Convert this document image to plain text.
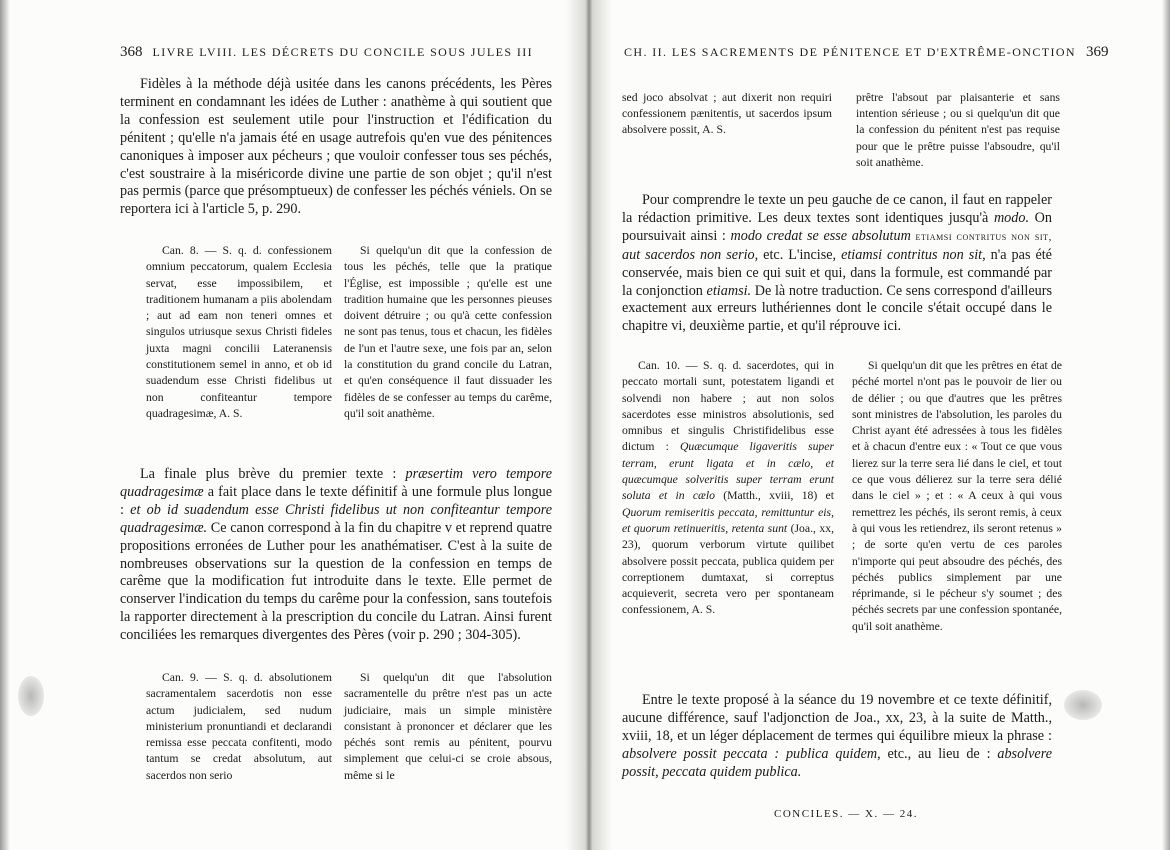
368 LIVRE LVIII. LES DÉCRETS DU CONCILE SOUS JULES III

Fidèles à la méthode déjà usitée dans les canons précédents, les Pères terminent en condamnant les idées de Luther : anathème à qui soutient que la confession est seulement utile pour l'instruction et l'édification du pénitent ; qu'elle n'a jamais été en usage autrefois qu'en vue des pénitences canoniques à imposer aux pécheurs ; que vouloir confesser tous ses péchés, c'est soustraire à la miséricorde divine une partie de son objet ; qu'il n'est pas permis (parce que présomptueux) de confesser les péchés véniels. On se reportera ici à l'article 5, p. 290.

Can. 8. — S. q. d. confessionem omnium peccatorum, qualem Ecclesia servat, esse impossibilem, et traditionem humanam a piis abolendam ; aut ad eam non teneri omnes et singulos utriusque sexus Christi fideles juxta magni concilii Lateranensis constitutionem semel in anno, et ob id suadendum esse Christi fidelibus ut non confiteantur tempore quadragesimæ, A. S.

Si quelqu'un dit que la confession de tous les péchés, telle que la pratique l'Église, est impossible ; qu'elle est une tradition humaine que les personnes pieuses doivent détruire ; ou qu'à cette confession ne sont pas tenus, tous et chacun, les fidèles de l'un et l'autre sexe, une fois par an, selon la constitution du grand concile du Latran, et qu'en conséquence il faut dissuader les fidèles de se confesser au temps du carême, qu'il soit anathème.

La finale plus brève du premier texte : præsertim vero tempore quadragesimæ a fait place dans le texte définitif à une formule plus longue : et ob id suadendum esse Christi fidelibus ut non confiteantur tempore quadragesimæ. Ce canon correspond à la fin du chapitre v et reprend quatre propositions erronées de Luther pour les anathématiser. C'est à la suite de nombreuses observations sur la question de la confession en temps de carême que la modification fut introduite dans le texte. Elle permet de conserver l'indication du temps du carême pour la confession, sans toutefois la rapporter directement à la prescription du concile du Latran. Ainsi furent conciliées les remarques divergentes des Pères (voir p. 290 ; 304-305).

Can. 9. — S. q. d. absolutionem sacramentalem sacerdotis non esse actum judicialem, sed nudum ministerium pronuntiandi et declarandi remissa esse peccata confitenti, modo tantum se credat absolutum, aut sacerdos non serio

Si quelqu'un dit que l'absolution sacramentelle du prêtre n'est pas un acte judiciaire, mais un simple ministère consistant à prononcer et déclarer que les péchés sont remis au pénitent, pourvu simplement que celui-ci se croie absous, même si le

CH. II. LES SACREMENTS DE PÉNITENCE ET D'EXTRÊME-ONCTION 369

sed joco absolvat ; aut dixerit non requiri confessionem pænitentis, ut sacerdos ipsum absolvere possit, A. S.

prêtre l'absout par plaisanterie et sans intention sérieuse ; ou si quelqu'un dit que la confession du pénitent n'est pas requise pour que le prêtre puisse l'absoudre, qu'il soit anathème.

Pour comprendre le texte un peu gauche de ce canon, il faut en rappeler la rédaction primitive. Les deux textes sont identiques jusqu'à modo. On poursuivait ainsi : modo credat se esse absolutum etiamsi contritus non sit, aut sacerdos non serio, etc. L'incise, etiamsi contritus non sit, n'a pas été conservée, mais bien ce qui suit et qui, dans la formule, est commandé par la conjonction etiamsi. De là notre traduction. Ce sens correspond d'ailleurs exactement aux erreurs luthériennes dont le concile s'était occupé dans le chapitre vi, deuxième partie, et qu'il réprouve ici.

Can. 10. — S. q. d. sacerdotes, qui in peccato mortali sunt, potestatem ligandi et solvendi non habere ; aut non solos sacerdotes esse ministros absolutionis, sed omnibus et singulis Christifidelibus esse dictum : Quæcumque ligaveritis super terram, erunt ligata et in cælo, et quæcumque solveritis super terram erunt soluta et in cælo (Matth., xviii, 18) et Quorum remiseritis peccata, remittuntur eis, et quorum retinueritis, retenta sunt (Joa., xx, 23), quorum verborum virtute quilibet absolvere possit peccata, publica quidem per correptionem dumtaxat, si correptus acquieverit, secreta vero per spontaneam confessionem, A. S.

Si quelqu'un dit que les prêtres en état de péché mortel n'ont pas le pouvoir de lier ou de délier ; ou que d'autres que les prêtres sont ministres de l'absolution, les paroles du Christ ayant été adressées à tous les fidèles et à chacun d'entre eux : « Tout ce que vous lierez sur la terre sera lié dans le ciel, et tout ce que vous délierez sur la terre sera délié dans le ciel » ; et : « A ceux à qui vous remettrez les péchés, ils seront remis, à ceux à qui vous les retiendrez, ils seront retenus » ; de sorte qu'en vertu de ces paroles n'importe qui peut absoudre des péchés, des péchés publics simplement par une réprimande, si le pécheur s'y soumet ; des péchés secrets par une confession spontanée, qu'il soit anathème.

Entre le texte proposé à la séance du 19 novembre et ce texte définitif, aucune différence, sauf l'adjonction de Joa., xx, 23, à la suite de Matth., xviii, 18, et un léger déplacement de termes qui équilibre mieux la phrase : absolvere possit peccata : publica quidem, etc., au lieu de : absolvere possit, peccata quidem publica.

CONCILES. — X. — 24.
